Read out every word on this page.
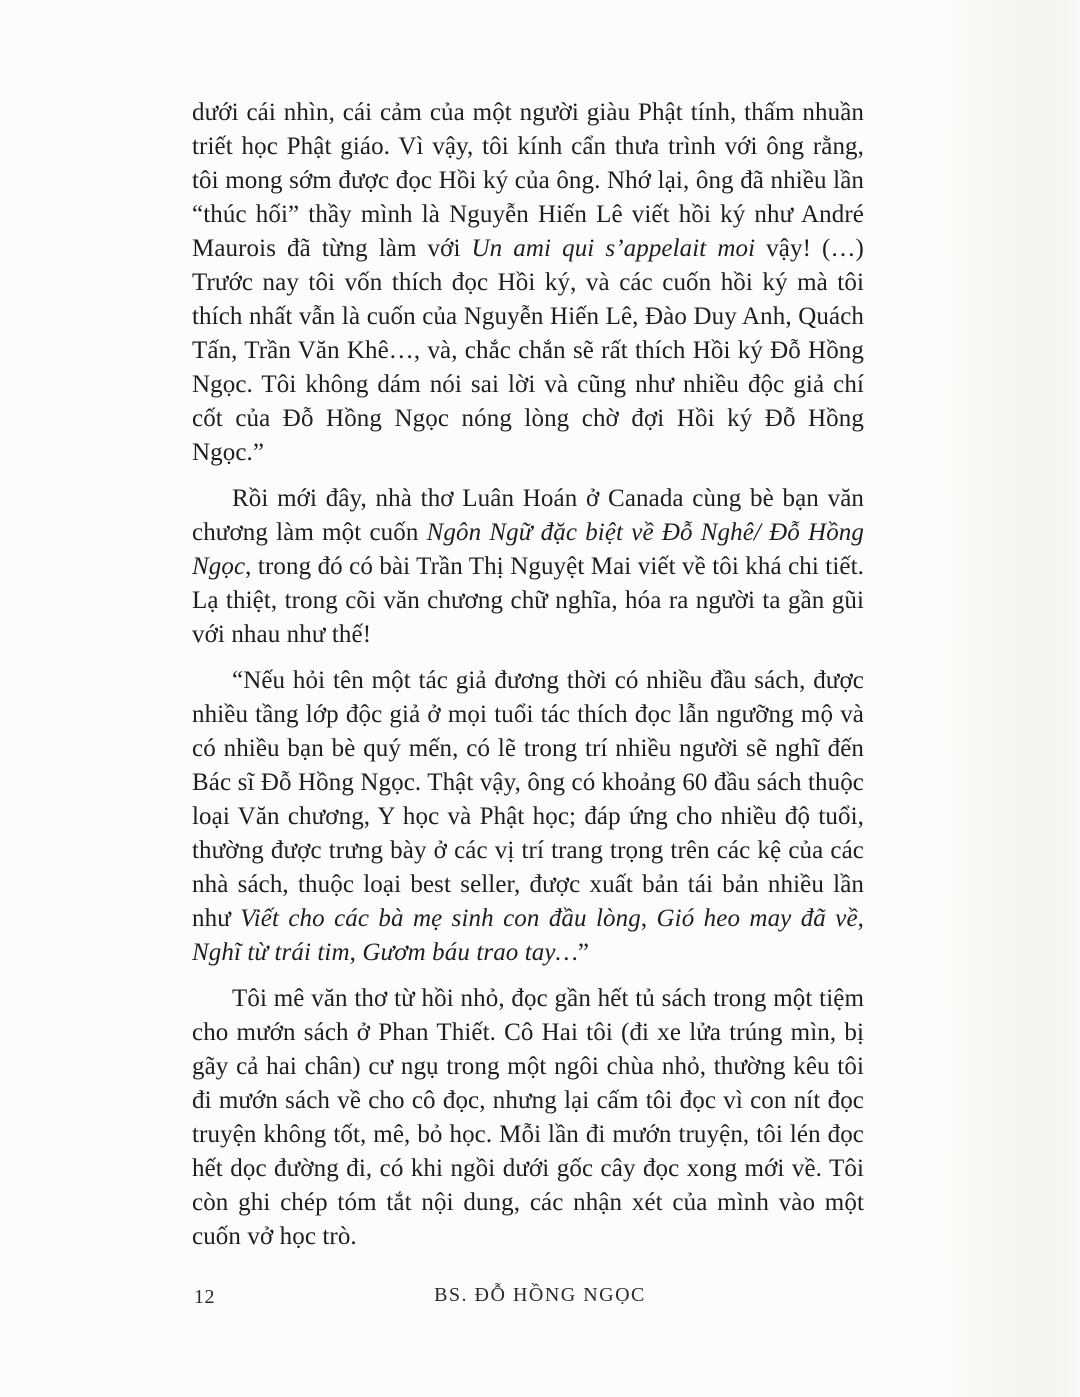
dưới cái nhìn, cái cảm của một người giàu Phật tính, thấm nhuần triết học Phật giáo. Vì vậy, tôi kính cẩn thưa trình với ông rằng, tôi mong sớm được đọc Hồi ký của ông. Nhớ lại, ông đã nhiều lần “thúc hối” thầy mình là Nguyễn Hiến Lê viết hồi ký như André Maurois đã từng làm với Un ami qui s’appelait moi vậy! (…) Trước nay tôi vốn thích đọc Hồi ký, và các cuốn hồi ký mà tôi thích nhất vẫn là cuốn của Nguyễn Hiến Lê, Đào Duy Anh, Quách Tấn, Trần Văn Khê…, và, chắc chắn sẽ rất thích Hồi ký Đỗ Hồng Ngọc. Tôi không dám nói sai lời và cũng như nhiều độc giả chí cốt của Đỗ Hồng Ngọc nóng lòng chờ đợi Hồi ký Đỗ Hồng Ngọc.”

Rồi mới đây, nhà thơ Luân Hoán ở Canada cùng bè bạn văn chương làm một cuốn Ngôn Ngữ đặc biệt về Đỗ Nghê/ Đỗ Hồng Ngọc, trong đó có bài Trần Thị Nguyệt Mai viết về tôi khá chi tiết. Lạ thiệt, trong cõi văn chương chữ nghĩa, hóa ra người ta gần gũi với nhau như thế!

“Nếu hỏi tên một tác giả đương thời có nhiều đầu sách, được nhiều tầng lớp độc giả ở mọi tuổi tác thích đọc lẫn ngưỡng mộ và có nhiều bạn bè quý mến, có lẽ trong trí nhiều người sẽ nghĩ đến Bác sĩ Đỗ Hồng Ngọc. Thật vậy, ông có khoảng 60 đầu sách thuộc loại Văn chương, Y học và Phật học; đáp ứng cho nhiều độ tuổi, thường được trưng bày ở các vị trí trang trọng trên các kệ của các nhà sách, thuộc loại best seller, được xuất bản tái bản nhiều lần như Viết cho các bà mẹ sinh con đầu lòng, Gió heo may đã về, Nghĩ từ trái tim, Gươm báu trao tay…”

Tôi mê văn thơ từ hồi nhỏ, đọc gần hết tủ sách trong một tiệm cho mướn sách ở Phan Thiết. Cô Hai tôi (đi xe lửa trúng mìn, bị gãy cả hai chân) cư ngụ trong một ngôi chùa nhỏ, thường kêu tôi đi mướn sách về cho cô đọc, nhưng lại cấm tôi đọc vì con nít đọc truyện không tốt, mê, bỏ học. Mỗi lần đi mướn truyện, tôi lén đọc hết dọc đường đi, có khi ngồi dưới gốc cây đọc xong mới về. Tôi còn ghi chép tóm tắt nội dung, các nhận xét của mình vào một cuốn vở học trò.

12	BS. ĐỖ HỒNG NGỌC
